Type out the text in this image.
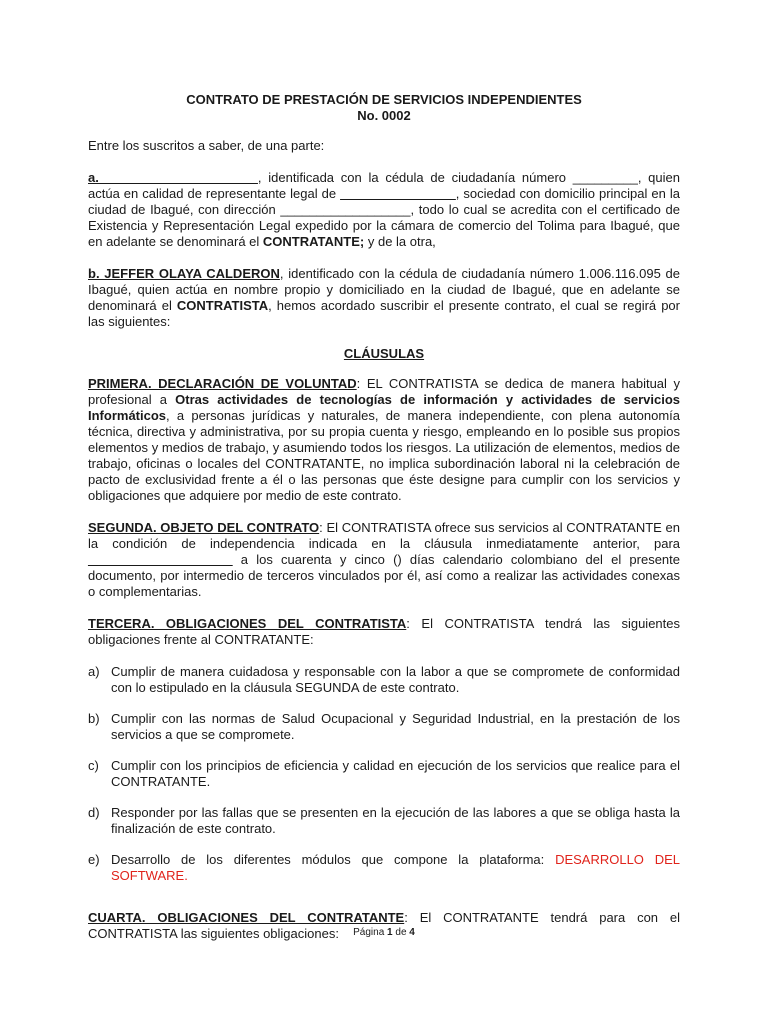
CONTRATO DE PRESTACIÓN DE SERVICIOS INDEPENDIENTES

No. 0002

Entre los suscritos a saber, de una parte:

a.______________________, identificada con la cédula de ciudadanía número _________, quien actúa en calidad de representante legal de ________________, sociedad con domicilio principal en la ciudad de Ibagué, con dirección __________________, todo lo cual se acredita con el certificado de Existencia y Representación Legal expedido por la cámara de comercio del Tolima para Ibagué, que en adelante se denominará el CONTRATANTE; y de la otra,

b. JEFFER OLAYA CALDERON, identificado con la cédula de ciudadanía número 1.006.116.095 de Ibagué, quien actúa en nombre propio y domiciliado en la ciudad de Ibagué, que en adelante se denominará el CONTRATISTA, hemos acordado suscribir el presente contrato, el cual se regirá por las siguientes:

CLÁUSULAS

PRIMERA. DECLARACIÓN DE VOLUNTAD: EL CONTRATISTA se dedica de manera habitual y profesional a Otras actividades de tecnologías de información y actividades de servicios Informáticos, a personas jurídicas y naturales, de manera independiente, con plena autonomía técnica, directiva y administrativa, por su propia cuenta y riesgo, empleando en lo posible sus propios elementos y medios de trabajo, y asumiendo todos los riesgos. La utilización de elementos, medios de trabajo, oficinas o locales del CONTRATANTE, no implica subordinación laboral ni la celebración de pacto de exclusividad frente a él o las personas que éste designe para cumplir con los servicios y obligaciones que adquiere por medio de este contrato.

SEGUNDA. OBJETO DEL CONTRATO: El CONTRATISTA ofrece sus servicios al CONTRATANTE en la condición de independencia indicada en la cláusula inmediatamente anterior, para ____________________ a los cuarenta y cinco () días calendario colombiano del el presente documento, por intermedio de terceros vinculados por él, así como a realizar las actividades conexas o complementarias.

TERCERA. OBLIGACIONES DEL CONTRATISTA: El CONTRATISTA tendrá las siguientes obligaciones frente al CONTRATANTE:

a) Cumplir de manera cuidadosa y responsable con la labor a que se compromete de conformidad con lo estipulado en la cláusula SEGUNDA de este contrato.
b) Cumplir con las normas de Salud Ocupacional y Seguridad Industrial, en la prestación de los servicios a que se compromete.
c) Cumplir con los principios de eficiencia y calidad en ejecución de los servicios que realice para el CONTRATANTE.
d) Responder por las fallas que se presenten en la ejecución de las labores a que se obliga hasta la finalización de este contrato.
e) Desarrollo de los diferentes módulos que compone la plataforma: DESARROLLO DEL SOFTWARE.

CUARTA. OBLIGACIONES DEL CONTRATANTE: El CONTRATANTE tendrá para con el CONTRATISTA las siguientes obligaciones:	Página 1 de 4
